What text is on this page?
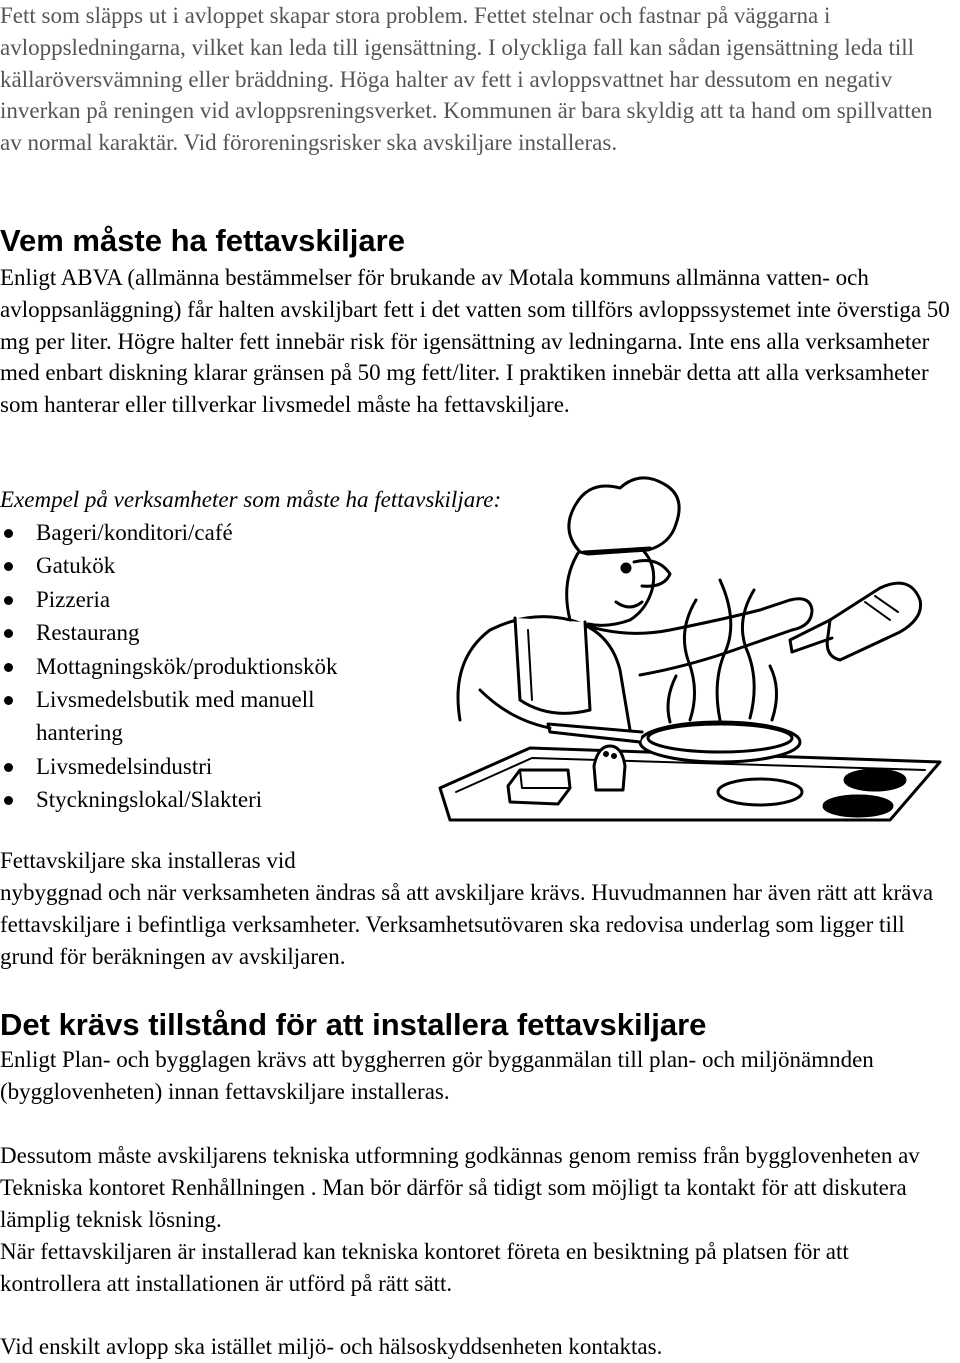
Fett som släpps ut i avloppet skapar stora problem. Fettet stelnar och fastnar på väggarna i avloppsledningarna, vilket kan leda till igensättning. I olyckliga fall kan sådan igensättning leda till källaröversvämning eller bräddning. Höga halter av fett i avloppsvattnet har dessutom en negativ inverkan på reningen vid avloppsreningsverket. Kommunen är bara skyldig att ta hand om spillvatten av normal karaktär. Vid föroreningsrisker ska avskiljare installeras.

Vem måste ha fettavskiljare

Enligt ABVA (allmänna bestämmelser för brukande av Motala kommuns allmänna vatten- och avloppsanläggning) får halten avskiljbart fett i det vatten som tillförs avloppssystemet inte överstiga 50 mg per liter. Högre halter fett innebär risk för igensättning av ledningarna. Inte ens alla verksamheter med enbart diskning klarar gränsen på 50 mg fett/liter. I praktiken innebär detta att alla verksamheter som hanterar eller tillverkar livsmedel måste ha fettavskiljare.

Exempel på verksamheter som måste ha fettavskiljare:

Bageri/konditori/café
Gatukök
Pizzeria
Restaurang
Mottagningskök/produktionskök
Livsmedelsbutik med manuell hantering
Livsmedelsindustri
Styckningslokal/Slakteri

Fettavskiljare ska installeras vid

nybyggnad och när verksamheten ändras så att avskiljare krävs. Huvudmannen har även rätt att kräva fettavskiljare i befintliga verksamheter. Verksamhetsutövaren ska redovisa underlag som ligger till grund för beräkningen av avskiljaren.

Det krävs tillstånd för att installera fettavskiljare

Enligt Plan- och bygglagen krävs att byggherren gör bygganmälan till plan- och miljönämnden (bygglovenheten) innan fettavskiljare installeras.

Dessutom måste avskiljarens tekniska utformning godkännas genom remiss från bygglovenheten av Tekniska kontoret Renhållningen . Man bör därför så tidigt som möjligt ta kontakt för att diskutera lämplig teknisk lösning.

När fettavskiljaren är installerad kan tekniska kontoret företa en besiktning på platsen för att kontrollera att installationen är utförd på rätt sätt.

Vid enskilt avlopp ska istället miljö- och hälsoskyddsenheten kontaktas.
